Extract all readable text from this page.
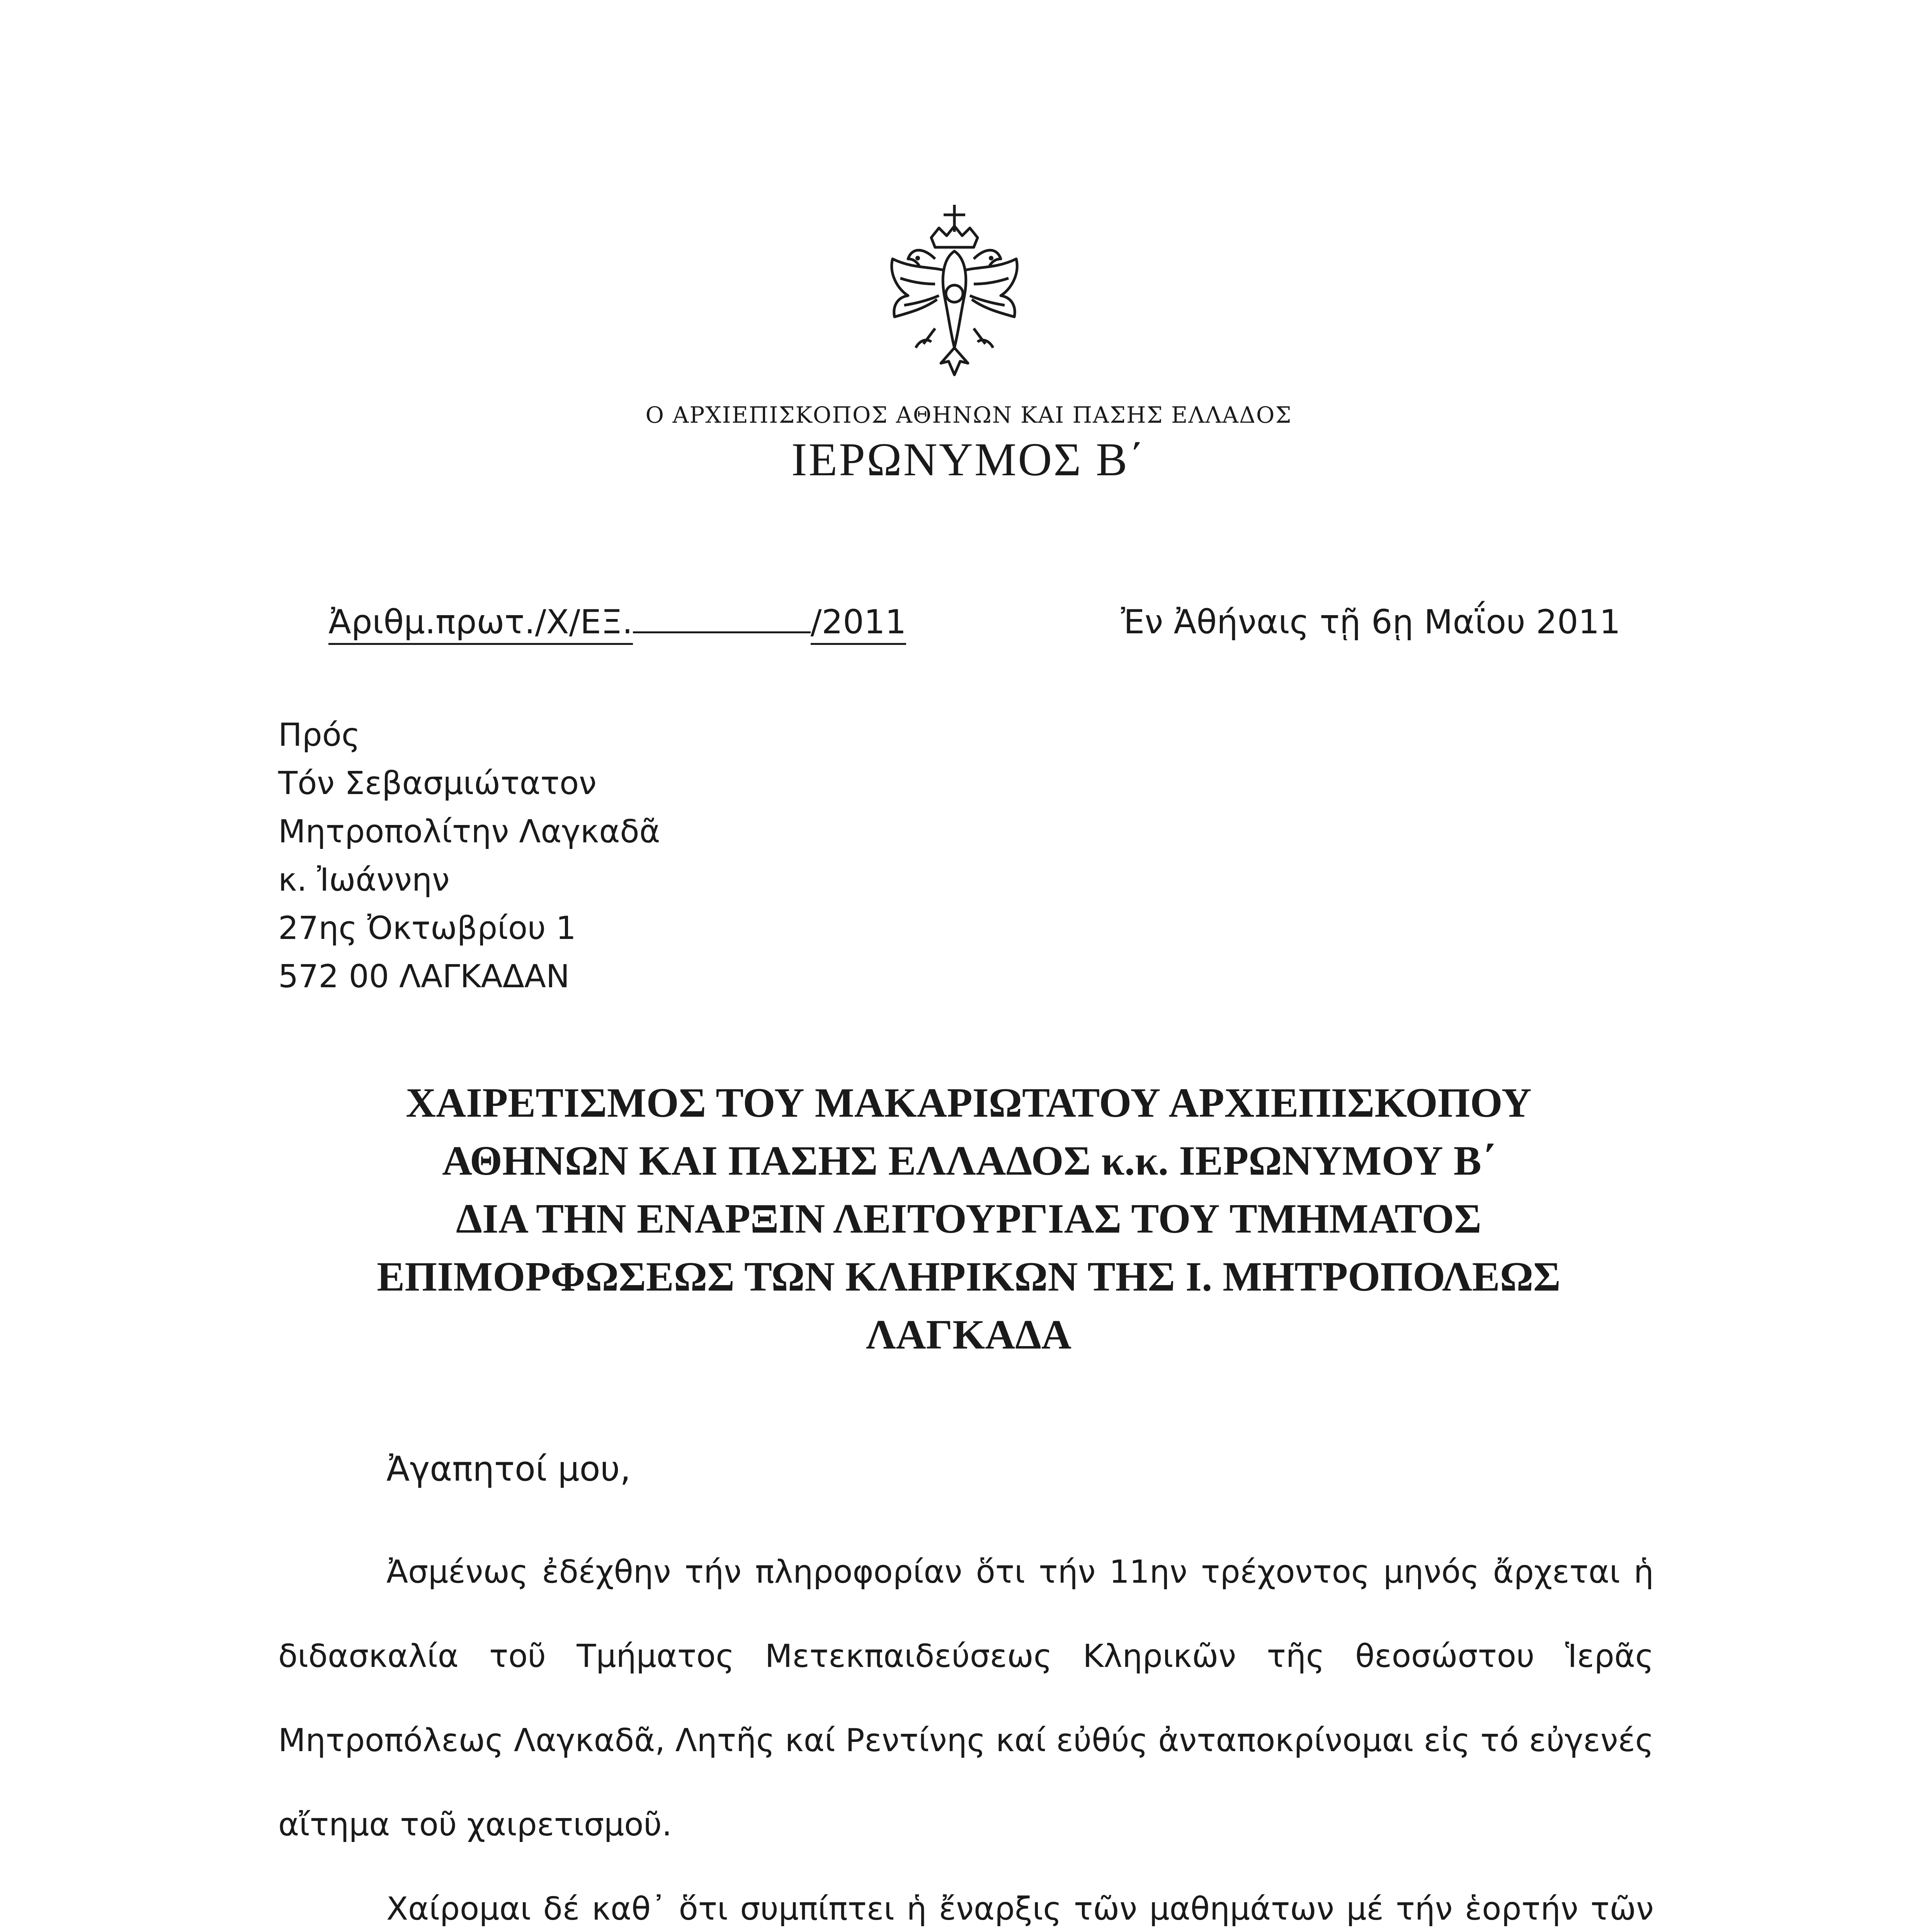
Ο ΑΡΧΙΕΠΙΣΚΟΠΟΣ ΑΘΗΝΩΝ ΚΑΙ ΠΑΣΗΣ ΕΛΛΑΔΟΣ
ΙΕΡΩΝΥΜΟΣ Β΄
Ἀριθμ.πρωτ./Χ/ΕΞ.	/2011	Ἐν Ἀθήναις τῇ 6ῃ Μαΐου 2011
Πρός
Τόν Σεβασμιώτατον
Μητροπολίτην Λαγκαδᾶ
κ. Ἰωάννην
27ης Ὀκτωβρίου 1
572 00 ΛΑΓΚΑΔΑΝ
ΧΑΙΡΕΤΙΣΜΟΣ ΤΟΥ ΜΑΚΑΡΙΩΤΑΤΟΥ ΑΡΧΙΕΠΙΣΚΟΠΟΥ
ΑΘΗΝΩΝ ΚΑΙ ΠΑΣΗΣ ΕΛΛΑΔΟΣ κ.κ. ΙΕΡΩΝΥΜΟΥ Β΄
ΔΙΑ ΤΗΝ ΕΝΑΡΞΙΝ ΛΕΙΤΟΥΡΓΙΑΣ ΤΟΥ ΤΜΗΜΑΤΟΣ
ΕΠΙΜΟΡΦΩΣΕΩΣ ΤΩΝ ΚΛΗΡΙΚΩΝ ΤΗΣ Ι. ΜΗΤΡΟΠΟΛΕΩΣ
ΛΑΓΚΑΔΑ
Ἀγαπητοί μου,

Ἀσμένως ἐδέχθην τήν πληροφορίαν ὅτι τήν 11ην τρέχοντος μηνός ἄρχεται ἡ διδασκαλία τοῦ Τμήματος Μετεκπαιδεύσεως Κληρικῶν τῆς θεοσώστου Ἱερᾶς Μητροπόλεως Λαγκαδᾶ, Λητῆς καί Ρεντίνης καί εὐθύς ἀνταποκρίνομαι εἰς τό εὐγενές αἴτημα τοῦ χαιρετισμοῦ.

Χαίρομαι δέ καθ᾽ ὅτι συμπίπτει ἡ ἔναρξις τῶν μαθημάτων μέ τήν ἑορτήν τῶν
